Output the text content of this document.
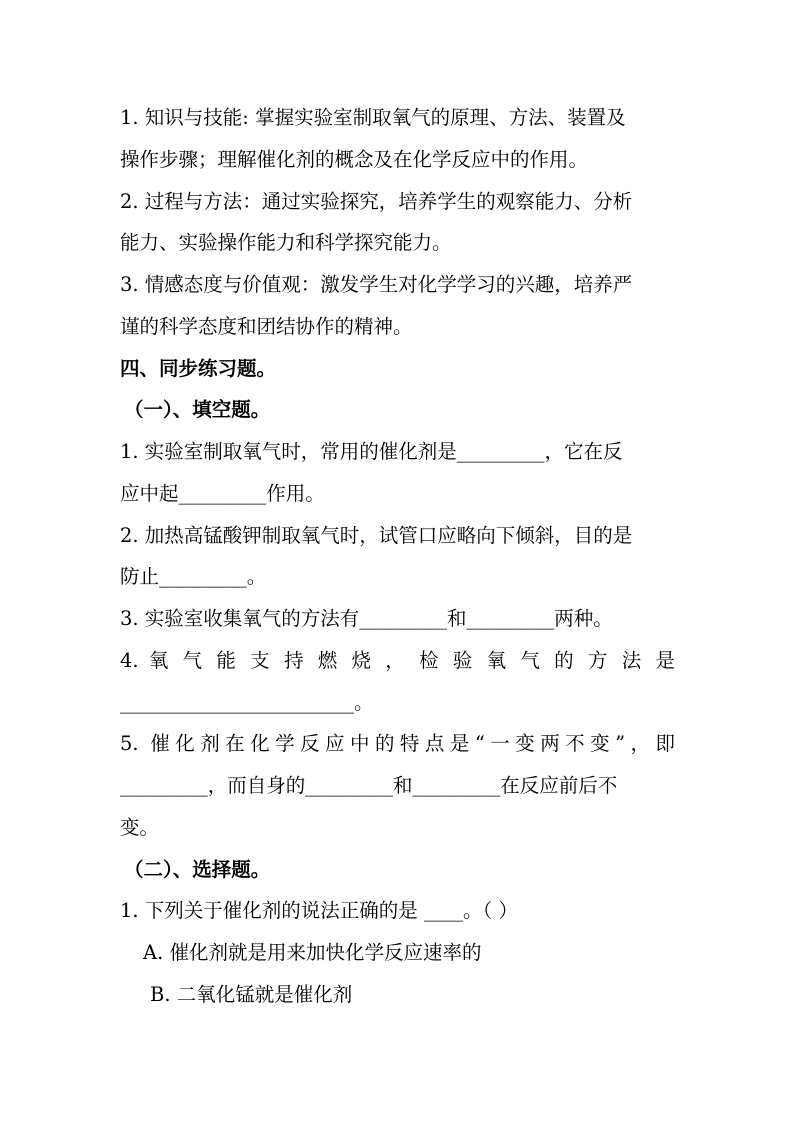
1. 知识与技能: 掌握实验室制取氧气的原理、方法、装置及
操作步骤；理解催化剂的概念及在化学反应中的作用。
2. 过程与方法：通过实验探究，培养学生的观察能力、分析
能力、实验操作能力和科学探究能力。
3. 情感态度与价值观：激发学生对化学学习的兴趣，培养严
谨的科学态度和团结协作的精神。
四、同步练习题。
（一）、填空题。
1. 实验室制取氧气时，常用的催化剂是_________，它在反
应中起_________作用。
2. 加热高锰酸钾制取氧气时，试管口应略向下倾斜，目的是
防止_________。
3. 实验室收集氧气的方法有_________和_________两种。
4. 氧 气 能 支 持 燃 烧 ， 检 验 氧 气 的 方 法 是
________________________。
5. 催化剂在化学反应中的特点是“一变两不变”，即
_________，而自身的_________和_________在反应前后不
变。
（二）、选择题。
1. 下列关于催化剂的说法正确的是 ____。（ ）
A. 催化剂就是用来加快化学反应速率的
B. 二氧化锰就是催化剂
